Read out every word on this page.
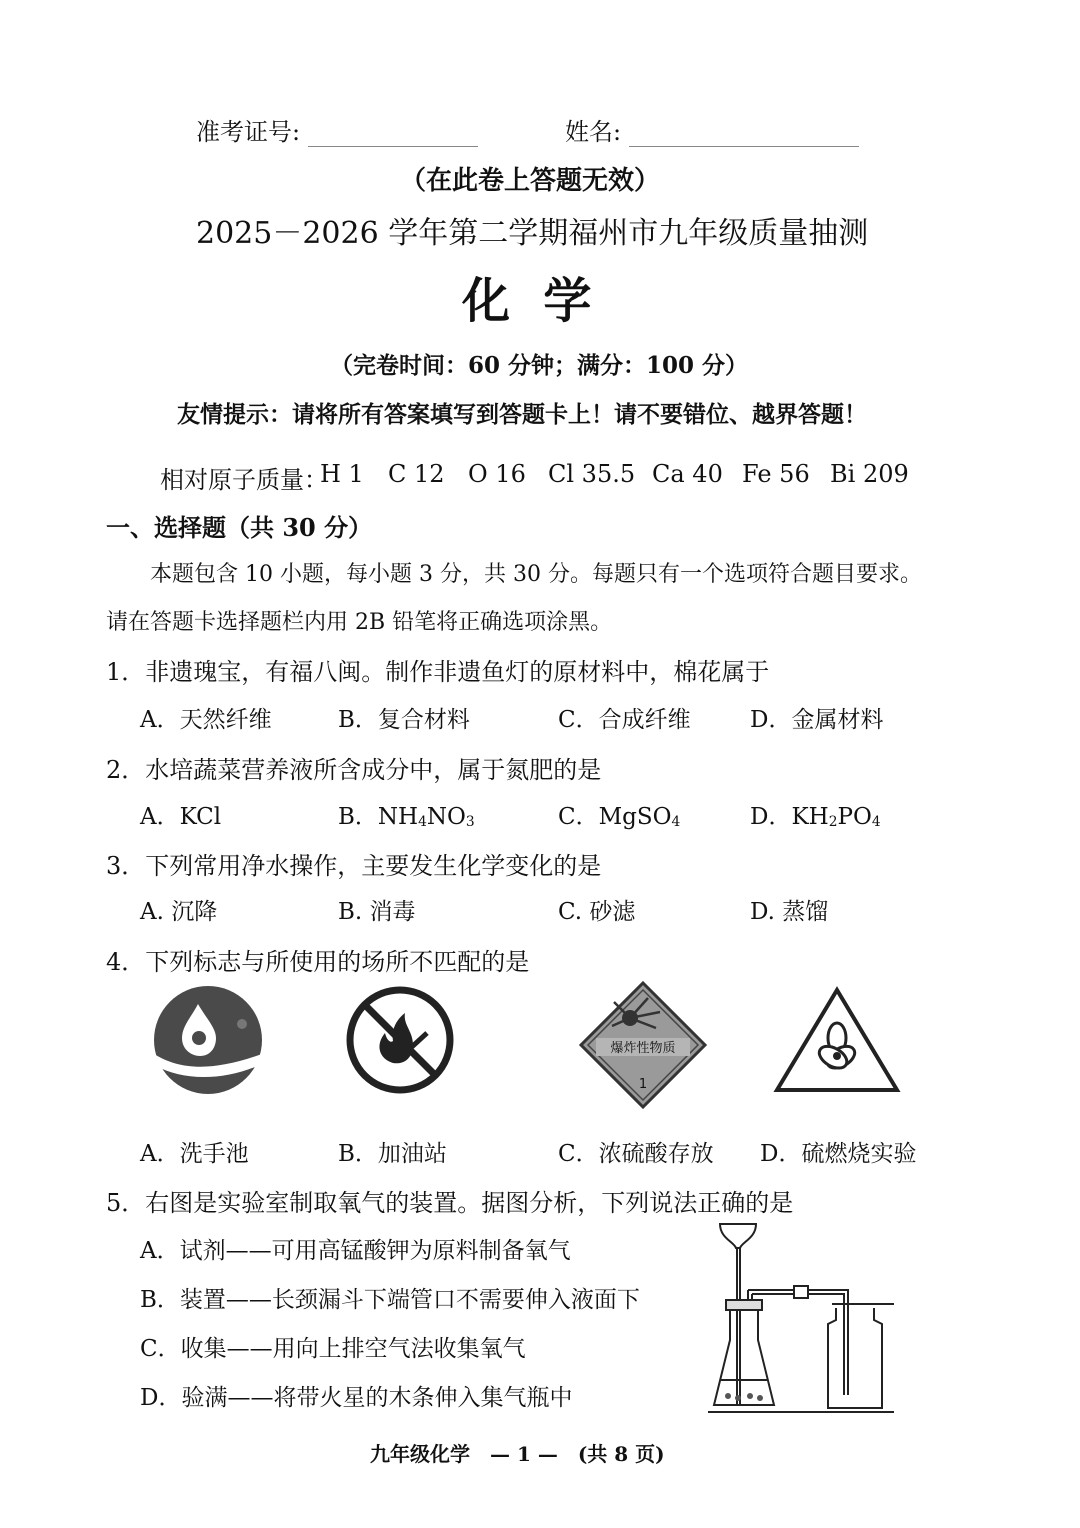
准考证号:	姓名:
（在此卷上答题无效）
2025－2026 学年第二学期福州市九年级质量抽测
化  学
（完卷时间：60 分钟；满分：100 分）
友情提示：请将所有答案填写到答题卡上！请不要错位、越界答题！
相对原子质量：
H 1 C 12 O 16 Cl 35.5 Ca 40 Fe 56 Bi 209
一、选择题（共 30 分）
本题包含 10 小题，每小题 3 分，共 30 分。每题只有一个选项符合题目要求。
请在答题卡选择题栏内用 2B 铅笔将正确选项涂黑。
1．非遗瑰宝，有福八闽。制作非遗鱼灯的原材料中，棉花属于
A．天然纤维	B．复合材料	C．合成纤维	D．金属材料
2．水培蔬菜营养液所含成分中，属于氮肥的是
A．KCl	B．$NH_4NO_3$	C．MgSO$_4$	D．$KH_2PO_4$
3．下列常用净水操作，主要发生化学变化的是
A. 沉降	B. 消毒	C. 砂滤	D. 蒸馏
4．下列标志与所使用的场所不匹配的是
爆炸性物质
1
A．洗手池	B．加油站	C．浓硫酸存放 D．硫燃烧实验
5．右图是实验室制取氧气的装置。据图分析，下列说法正确的是
A．试剂——可用高锰酸钾为原料制备氧气
B．装置——长颈漏斗下端管口不需要伸入液面下
C．收集——用向上排空气法收集氧气
D．验满——将带火星的木条伸入集气瓶中
九年级化学　— 1 —　(共 8 页)
